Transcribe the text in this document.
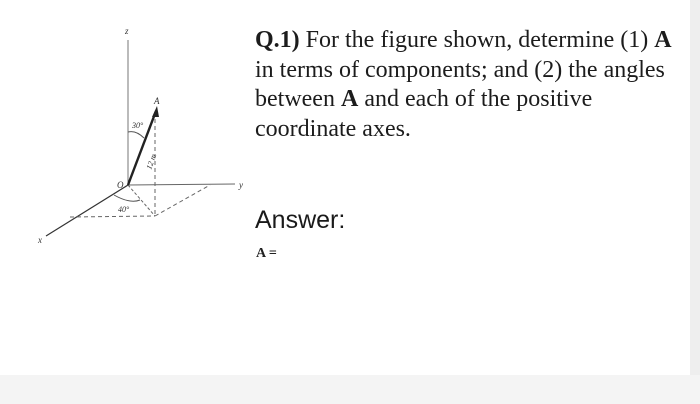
z
y
x
A
30°
40°
O
12 m
Q.1) For the figure shown, determine (1) A in terms of components; and (2) the angles between A and each of the positive coordinate axes.
Answer:
A =
